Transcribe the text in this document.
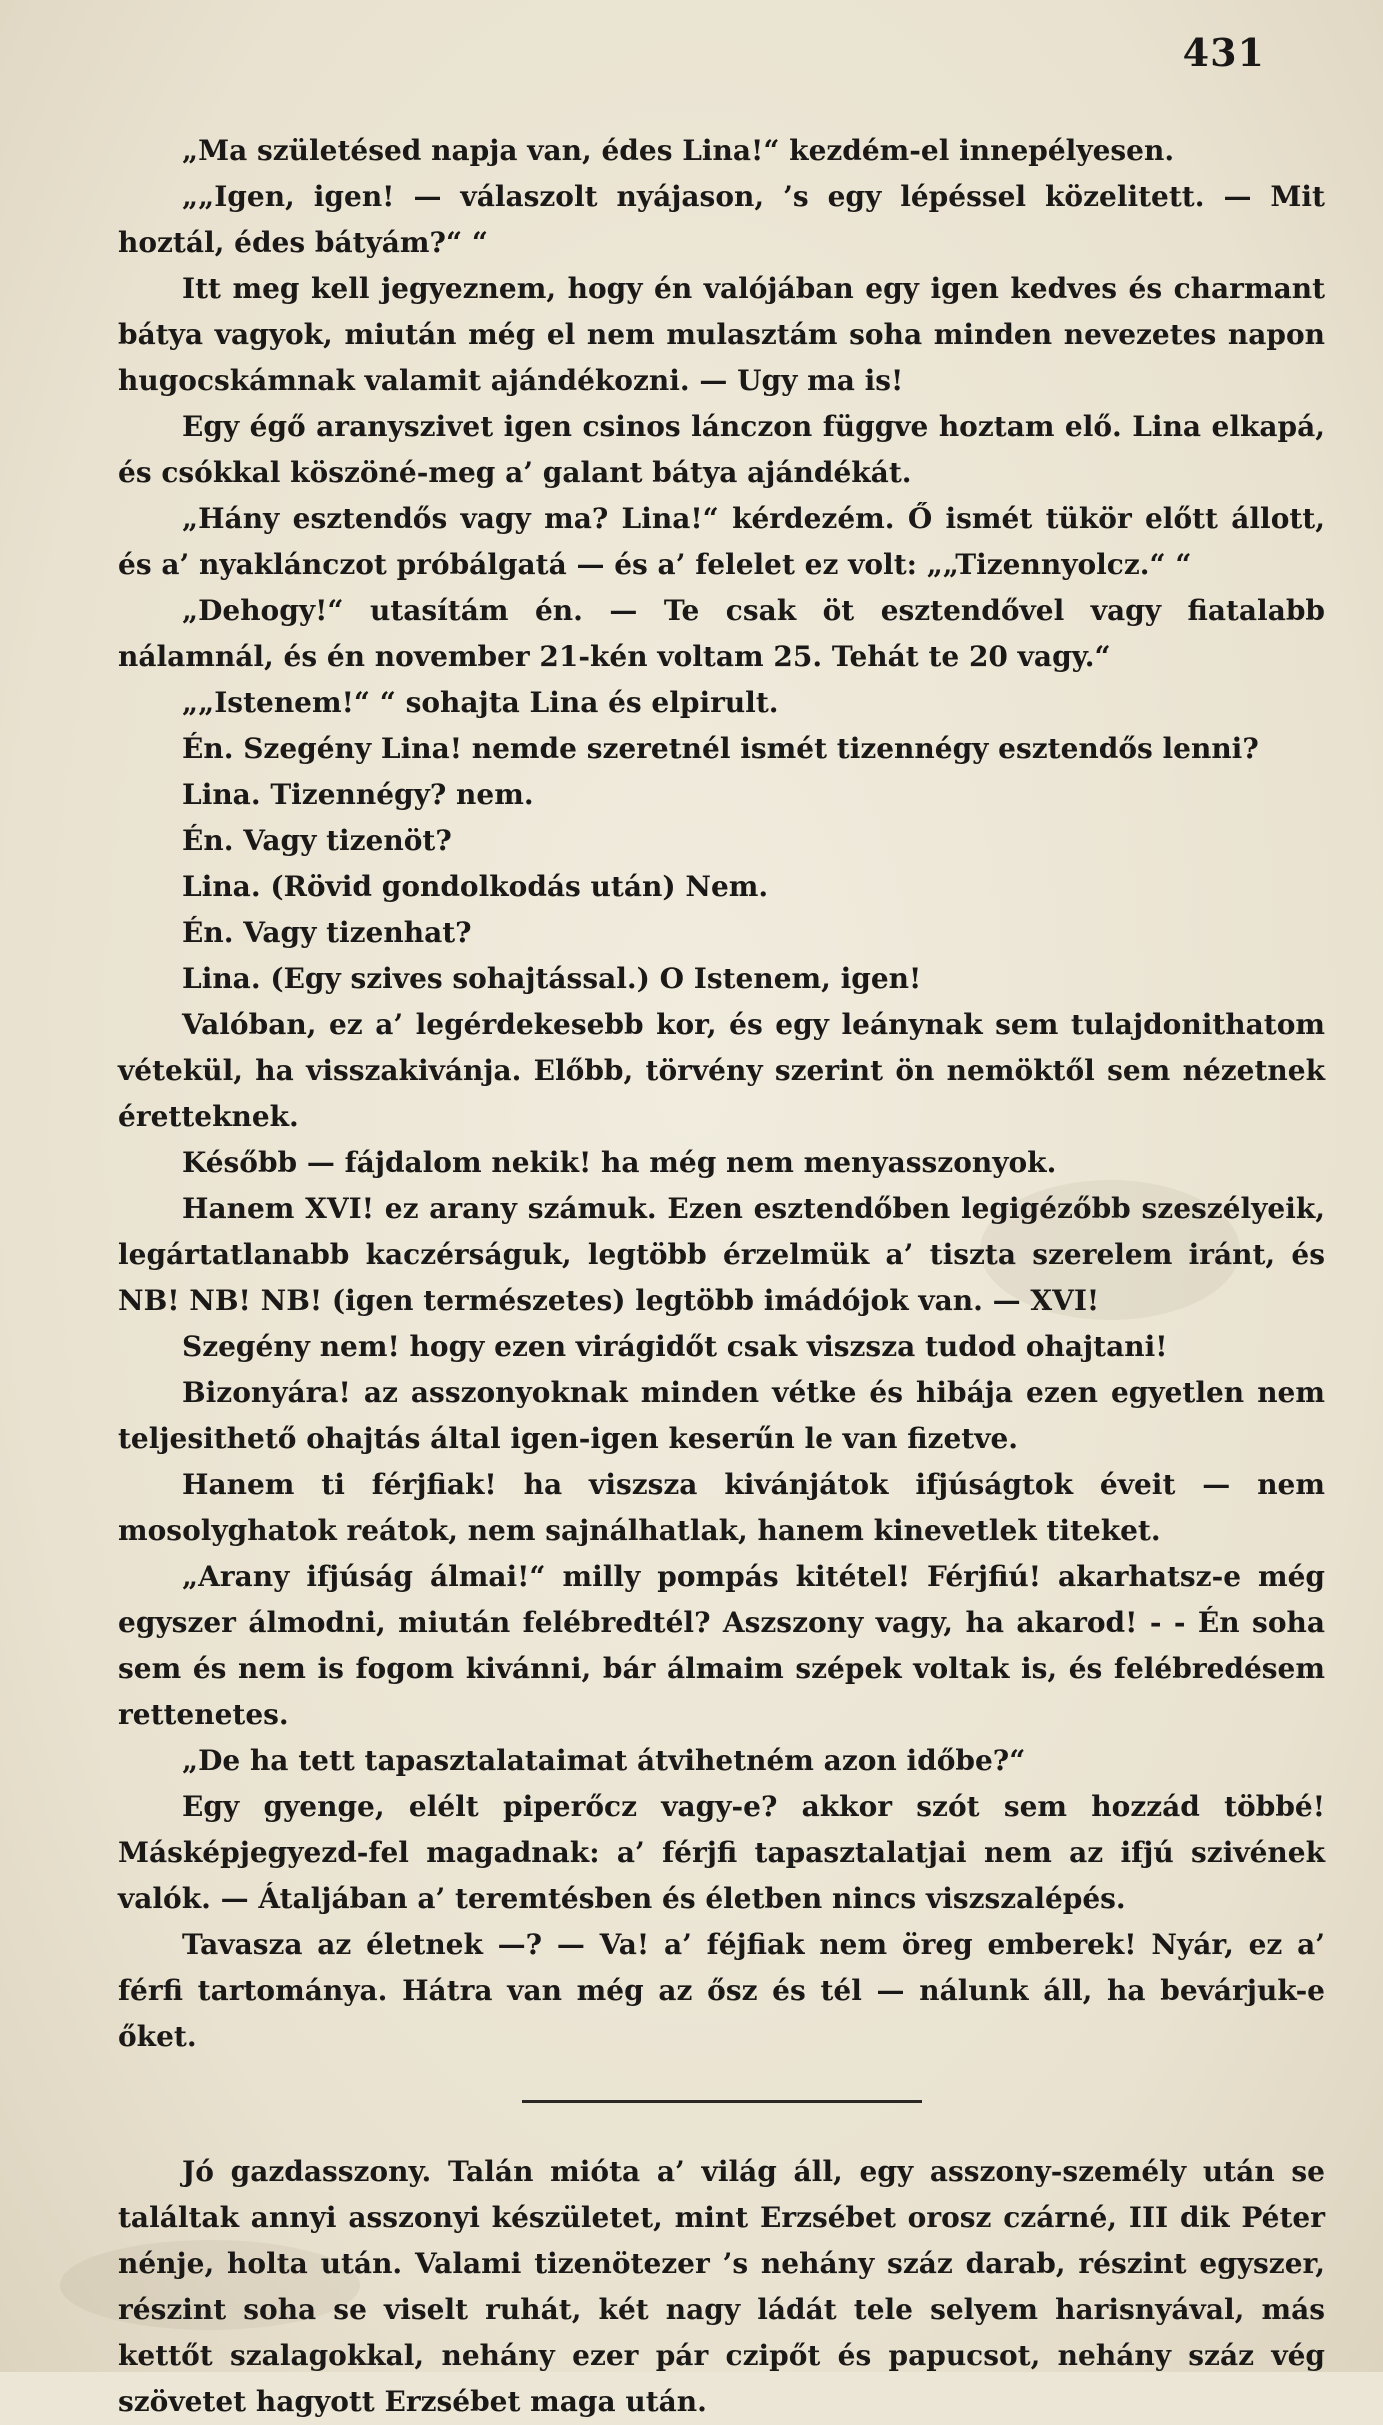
431

„Ma születésed napja van, édes Lina!“ kezdém-el innepélyesen.

„„Igen, igen! — válaszolt nyájason, ’s egy lépéssel közelitett. — Mit hoztál, édes bátyám?“ “

Itt meg kell jegyeznem, hogy én valójában egy igen kedves és charmant bátya vagyok, miután még el nem mulasztám soha minden nevezetes napon hugocskámnak valamit ajándékozni. — Ugy ma is!

Egy égő aranyszivet igen csinos lánczon függve hoztam elő. Lina elkapá, és csókkal köszöné-meg a’ galant bátya ajándékát.

„Hány esztendős vagy ma? Lina!“ kérdezém. Ő ismét tükör előtt állott, és a’ nyaklánczot próbálgatá — és a’ felelet ez volt: „„Tizennyolcz.“ “

„Dehogy!“ utasítám én. — Te csak öt esztendővel vagy fiatalabb nálamnál, és én november 21-kén voltam 25. Tehát te 20 vagy.“

„„Istenem!“ “ sohajta Lina és elpirult.

Én. Szegény Lina! nemde szeretnél ismét tizennégy esztendős lenni?

Lina. Tizennégy? nem.

Én. Vagy tizenöt?

Lina. (Rövid gondolkodás után) Nem.

Én. Vagy tizenhat?

Lina. (Egy szives sohajtással.) O Istenem, igen!

Valóban, ez a’ legérdekesebb kor, és egy leánynak sem tulajdonithatom vétekül, ha visszakivánja. Előbb, törvény szerint ön nemöktől sem nézetnek éretteknek.

Később — fájdalom nekik! ha még nem menyasszonyok.

Hanem XVI! ez arany számuk. Ezen esztendőben legigézőbb szeszélyeik, legártatlanabb kaczérságuk, legtöbb érzelmük a’ tiszta szerelem iránt, és NB! NB! NB! (igen természetes) legtöbb imádójok van. — XVI!

Szegény nem! hogy ezen virágidőt csak viszsza tudod ohajtani!

Bizonyára! az asszonyoknak minden vétke és hibája ezen egyetlen nem teljesithető ohajtás által igen-igen keserűn le van fizetve.

Hanem ti férjfiak! ha viszsza kivánjátok ifjúságtok éveit — nem mosolyghatok reátok, nem sajnálhatlak, hanem kinevetlek titeket.

„Arany ifjúság álmai!“ milly pompás kitétel! Férjfiú! akarhatsz-e még egyszer álmodni, miután felébredtél? Aszszony vagy, ha akarod! - - Én soha sem és nem is fogom kivánni, bár álmaim szépek voltak is, és felébredésem rettenetes.

„De ha tett tapasztalataimat átvihetném azon időbe?“

Egy gyenge, elélt piperőcz vagy-e? akkor szót sem hozzád többé! Másképjegyezd-fel magadnak: a’ férjfi tapasztalatjai nem az ifjú szivének valók. — Átaljában a’ teremtésben és életben nincs viszszalépés.

Tavasza az életnek —? — Va! a’ féjfiak nem öreg emberek! Nyár, ez a’ férfi tartománya. Hátra van még az ősz és tél — nálunk áll, ha bevárjuk-e őket.

Jó gazdasszony. Talán mióta a’ világ áll, egy asszony-személy után se találtak annyi asszonyi készületet, mint Erzsébet orosz czárné, III dik Péter nénje, holta után. Valami tizenötezer ’s nehány száz darab, részint egyszer, részint soha se viselt ruhát, két nagy ládát tele selyem harisnyával, más kettőt szalagokkal, nehány ezer pár czipőt és papucsot, nehány száz vég szövetet hagyott Erzsébet maga után.
